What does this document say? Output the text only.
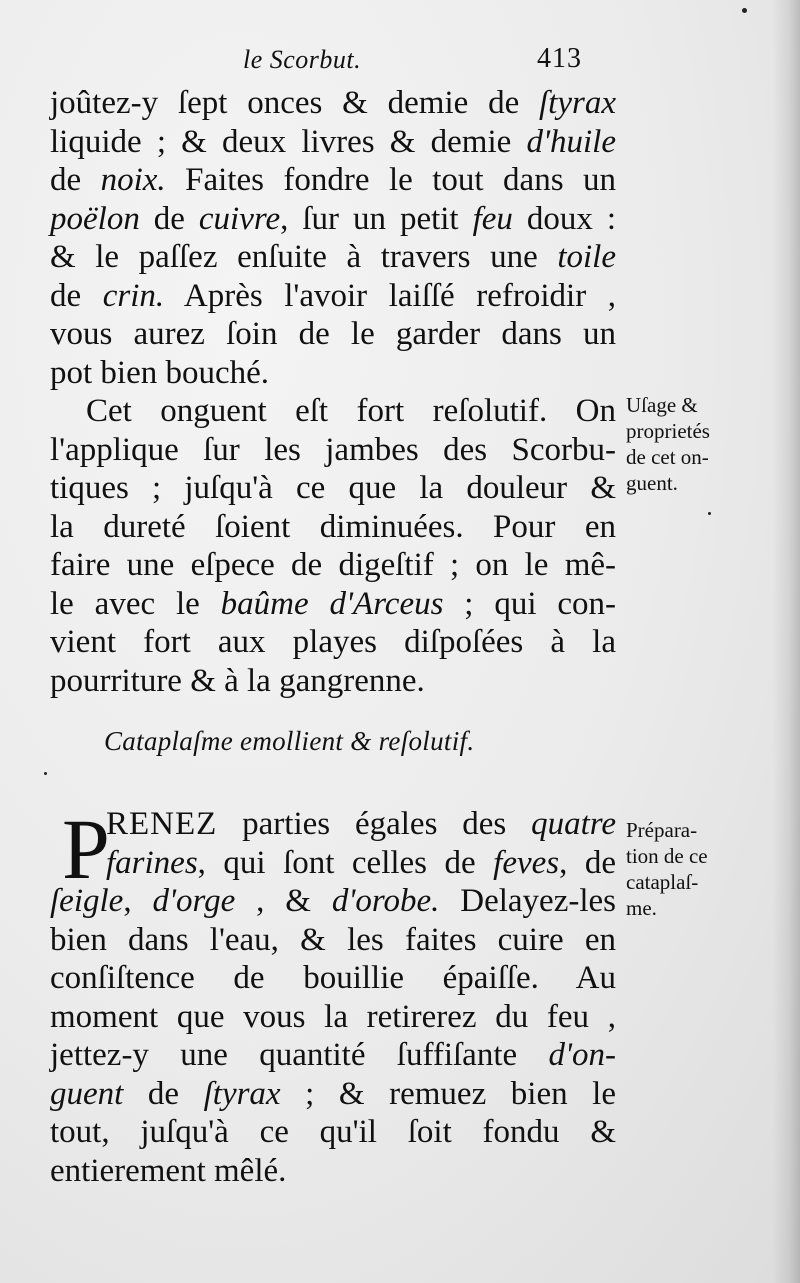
le Scorbut.	413
joûtez-y ſept onces & demie de ſtyrax
liquide ; & deux livres & demie d'huile
de noix. Faites fondre le tout dans un
poëlon de cuivre, ſur un petit feu doux :
& le paſſez enſuite à travers une toile
de crin. Après l'avoir laiſſé refroidir ,
vous aurez ſoin de le garder dans un
pot bien bouché.
Cet onguent eſt fort reſolutif. On
l'applique ſur les jambes des Scorbu-
tiques ; juſqu'à ce que la douleur &
la dureté ſoient diminuées. Pour en
faire une eſpece de digeſtif ; on le mê-
le avec le baûme d'Arceus ; qui con-
vient fort aux playes diſpoſées à la
pourriture & à la gangrenne.
Uſage &
proprietés
de cet on-
guent.
Cataplaſme emollient & reſolutif.
P
RENEZ parties égales des quatre
farines, qui ſont celles de feves, de
ſeigle, d'orge , & d'orobe. Delayez-les
bien dans l'eau, & les faites cuire en
conſiſtence de bouillie épaiſſe. Au
moment que vous la retirerez du feu ,
jettez-y une quantité ſuffiſante d'on-
guent de ſtyrax ; & remuez bien le
tout, juſqu'à ce qu'il ſoit fondu &
entierement mêlé.
Prépara-
tion de ce
cataplaſ-
me.
